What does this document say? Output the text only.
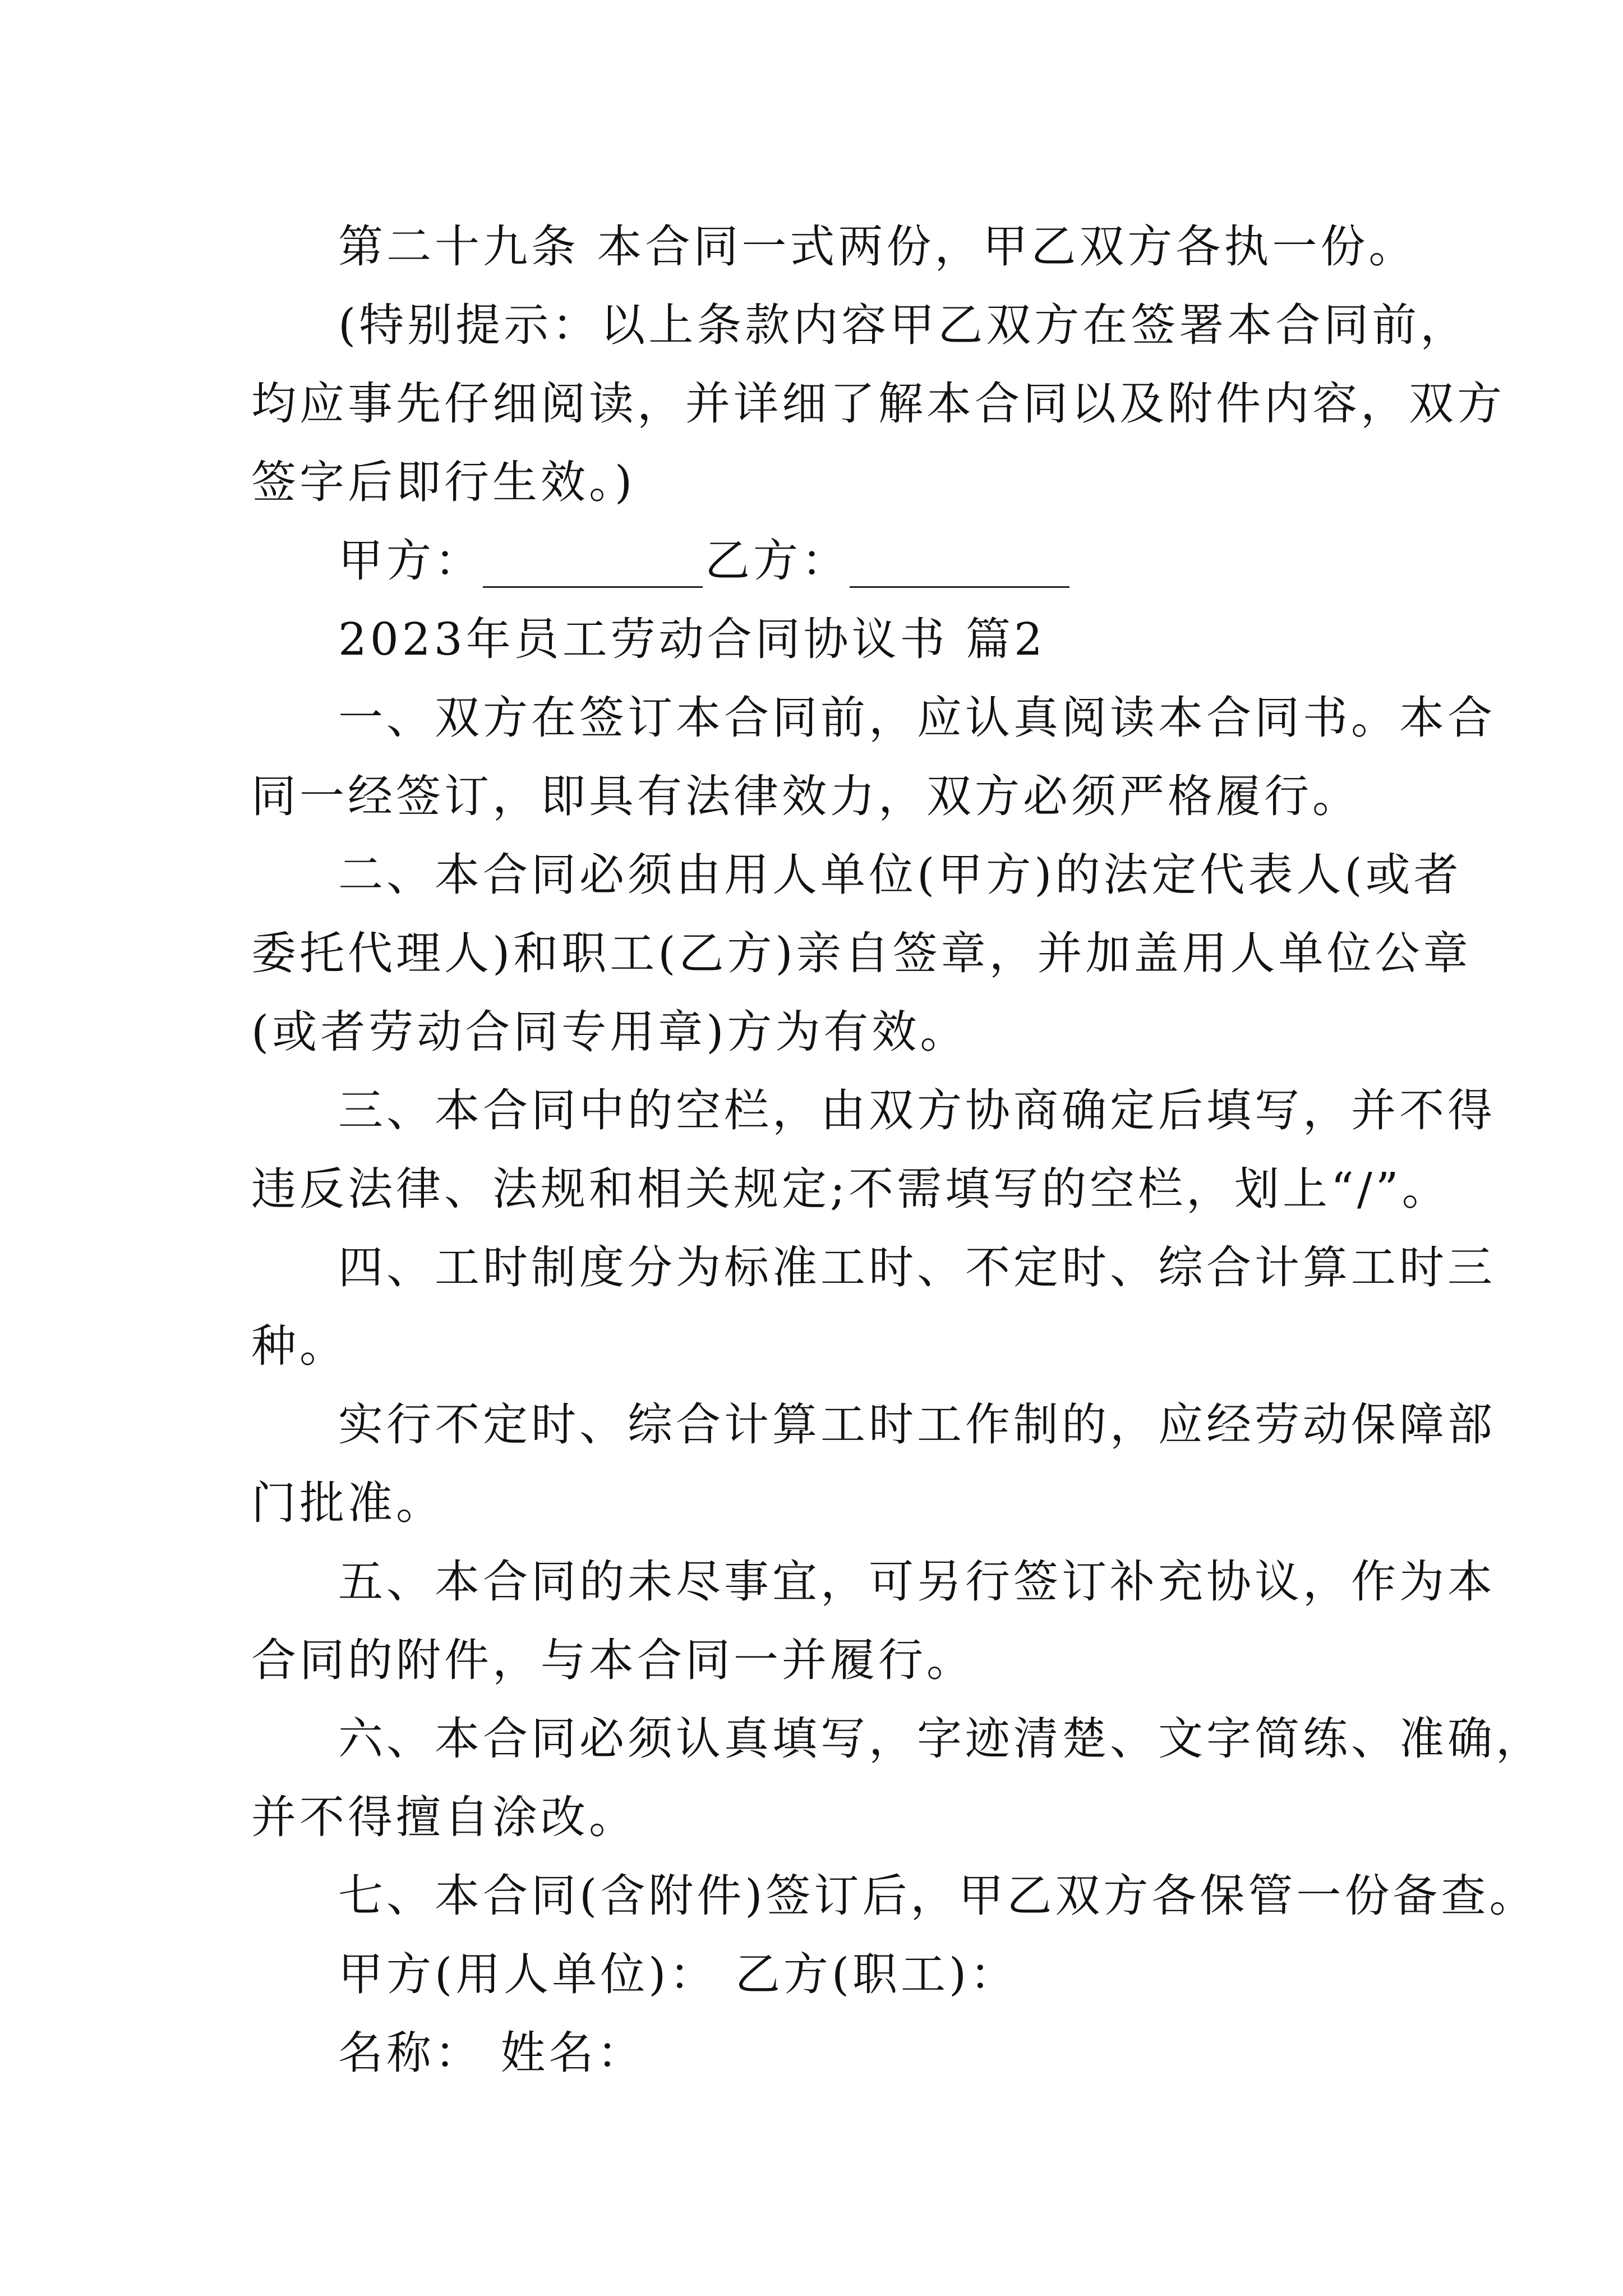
第二十九条 本合同一式两份，甲乙双方各执一份。
(特别提示：以上条款内容甲乙双方在签署本合同前，
均应事先仔细阅读，并详细了解本合同以及附件内容，双方
签字后即行生效。)
甲方：	乙方：
2023年员工劳动合同协议书 篇2
一、双方在签订本合同前，应认真阅读本合同书。本合
同一经签订，即具有法律效力，双方必须严格履行。
二、本合同必须由用人单位(甲方)的法定代表人(或者
委托代理人)和职工(乙方)亲自签章，并加盖用人单位公章
(或者劳动合同专用章)方为有效。
三、本合同中的空栏，由双方协商确定后填写，并不得
违反法律、法规和相关规定;不需填写的空栏，划上“/”。
四、工时制度分为标准工时、不定时、综合计算工时三
种。
实行不定时、综合计算工时工作制的，应经劳动保障部
门批准。
五、本合同的未尽事宜，可另行签订补充协议，作为本
合同的附件，与本合同一并履行。
六、本合同必须认真填写，字迹清楚、文字简练、准确，
并不得擅自涂改。
七、本合同(含附件)签订后，甲乙双方各保管一份备查。
甲方(用人单位)： 乙方(职工)：
名称： 姓名：
